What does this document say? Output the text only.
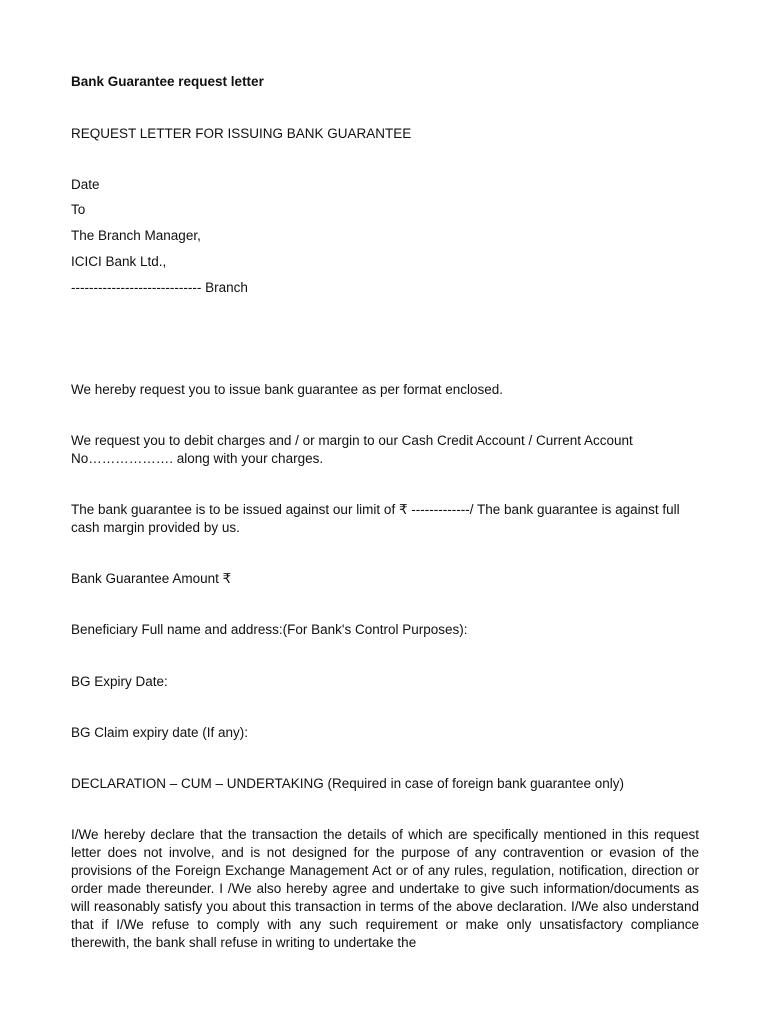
Bank Guarantee request letter
REQUEST LETTER FOR ISSUING BANK GUARANTEE
Date
To
The Branch Manager,
ICICI Bank Ltd.,
----------------------------- Branch
We hereby request you to issue bank guarantee as per format enclosed.
We request you to debit charges and / or margin to our Cash Credit Account / Current Account No………………. along with your charges.
The bank guarantee is to be issued against our limit of ₹ -------------/ The bank guarantee is against full cash margin provided by us.
Bank Guarantee Amount ₹
Beneficiary Full name and address:(For Bank's Control Purposes):
BG Expiry Date:
BG Claim expiry date (If any):
DECLARATION – CUM – UNDERTAKING (Required in case of foreign bank guarantee only)
I/We hereby declare that the transaction the details of which are specifically mentioned in this request letter does not involve, and is not designed for the purpose of any contravention or evasion of the provisions of the Foreign Exchange Management Act or of any rules, regulation, notification, direction or order made thereunder. I /We also hereby agree and undertake to give such information/documents as will reasonably satisfy you about this transaction in terms of the above declaration. I/We also understand that if I/We refuse to comply with any such requirement or make only unsatisfactory compliance therewith, the bank shall refuse in writing to undertake the
